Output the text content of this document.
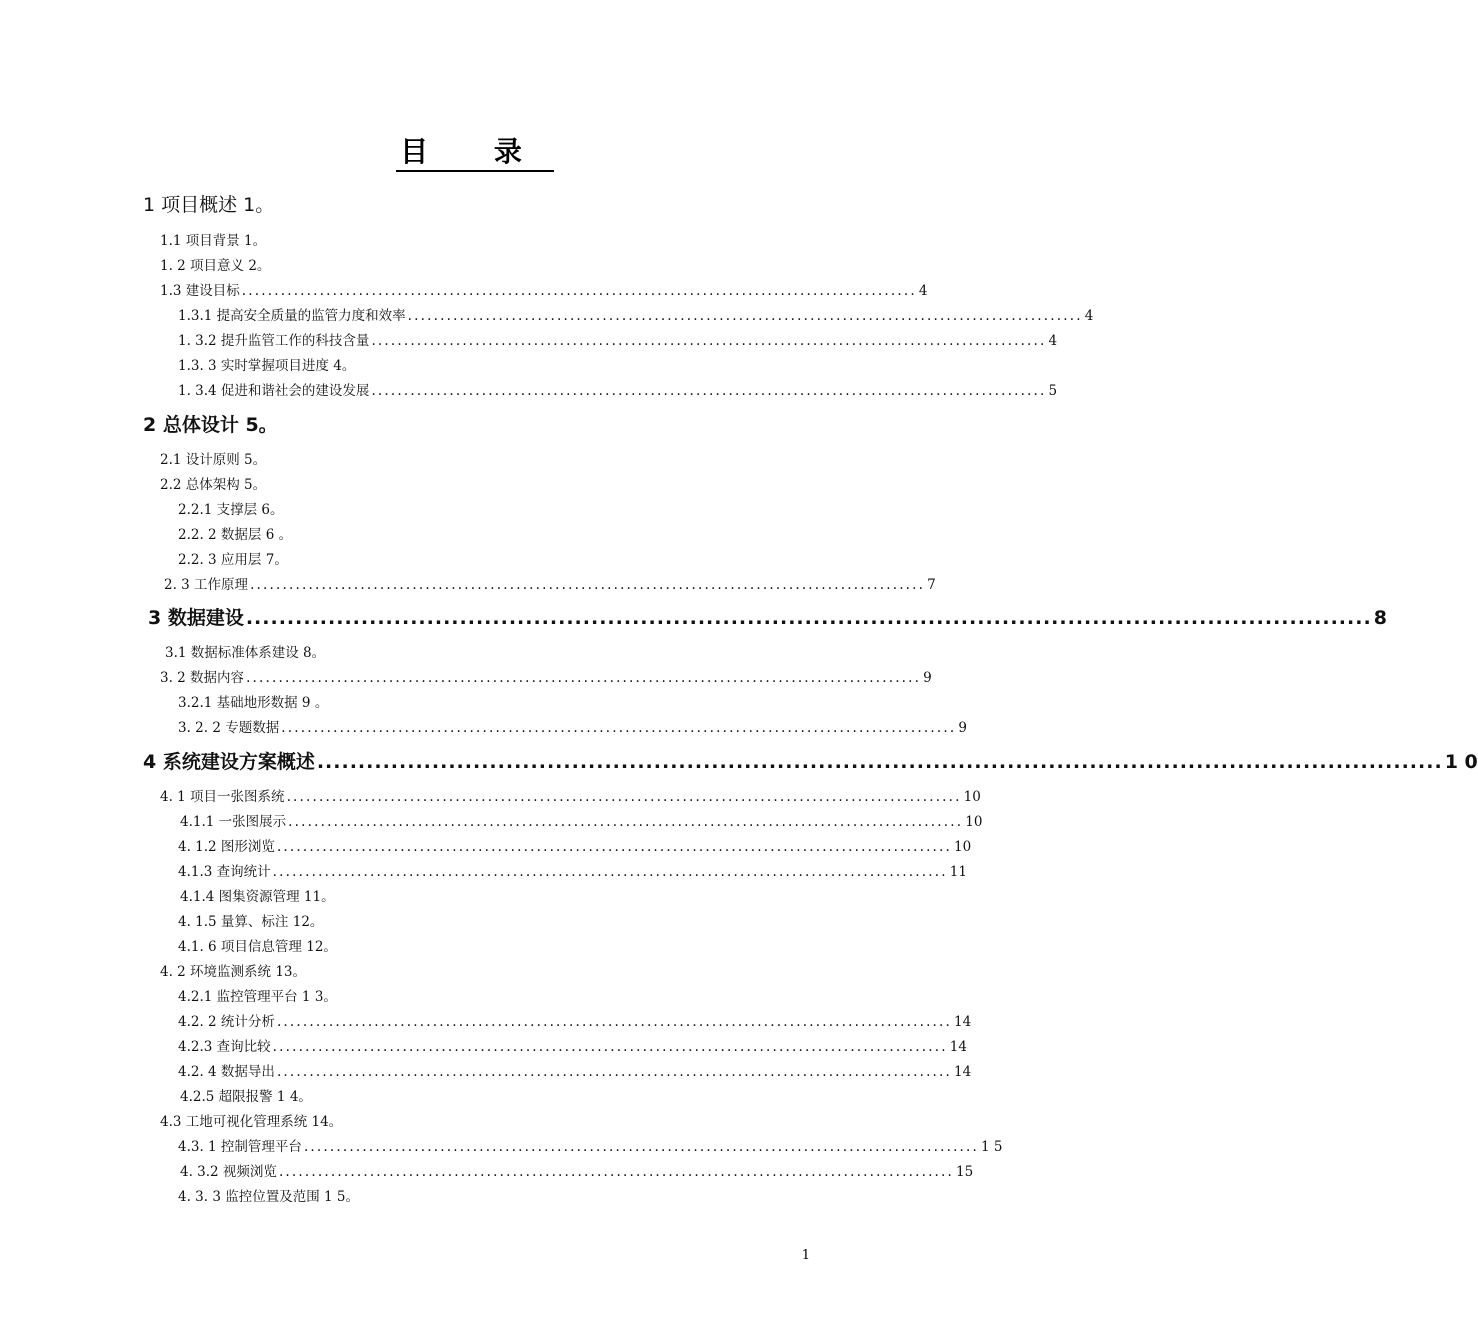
目 录
1 项目概述 1。
1.1 项目背景 1。
1. 2 项目意义 2。
1.3 建设目标 ........................................................................................................ 4
1.3.1 提高安全质量的监管力度和效率 ........................................................................................................ 4
1. 3.2 提升监管工作的科技含量 ........................................................................................................ 4
1.3. 3 实时掌握项目进度 4。
1. 3.4 促进和谐社会的建设发展 ........................................................................................................ 5
2 总体设计 5。
2.1 设计原则 5。
2.2 总体架构 5。
2.2.1 支撑层 6。
2.2. 2 数据层 6 。
2.2. 3 应用层 7。
2. 3 工作原理 ........................................................................................................ 7
3 数据建设 ......................................................................................................................................... 8
3.1 数据标准体系建设 8。
3. 2 数据内容 ........................................................................................................ 9
3.2.1 基础地形数据 9 。
3. 2. 2 专题数据 ........................................................................................................ 9
4 系统建设方案概述 ......................................................................................................................................... 1 0
4. 1 项目一张图系统 ........................................................................................................ 10
4.1.1 一张图展示 ........................................................................................................ 10
4. 1.2 图形浏览 ........................................................................................................ 10
4.1.3 查询统计 ........................................................................................................ 11
4.1.4 图集资源管理 11。
4. 1.5 量算、标注 12。
4.1. 6 项目信息管理 12。
4. 2 环境监测系统 13。
4.2.1 监控管理平台 1 3。
4.2. 2 统计分析 ........................................................................................................ 14
4.2.3 查询比较 ........................................................................................................ 14
4.2. 4 数据导出 ........................................................................................................ 14
4.2.5 超限报警 1 4。
4.3 工地可视化管理系统 14。
4.3. 1 控制管理平台 ........................................................................................................ 1 5
4. 3.2 视频浏览 ........................................................................................................ 15
4. 3. 3 监控位置及范围 1 5。
1
